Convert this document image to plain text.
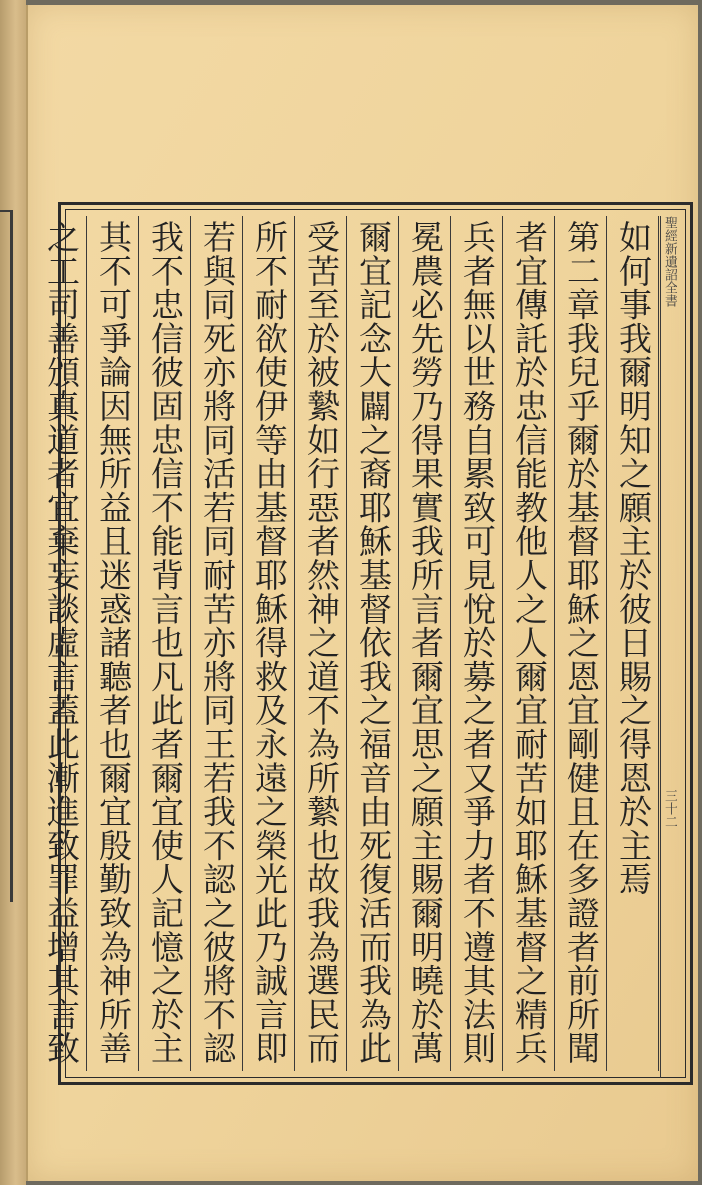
聖經新遺詔全書
三十二
如何事我爾明知之願主於彼日賜之得恩於主焉
第二章我兒乎爾於基督耶穌之恩宜剛健且在多證者前所聞
者宜傳託於忠信能教他人之人爾宜耐苦如耶穌基督之精兵
兵者無以世務自累致可見悅於募之者又爭力者不遵其法則
冕農必先勞乃得果實我所言者爾宜思之願主賜爾明曉於萬
爾宜記念大闢之裔耶穌基督依我之福音由死復活而我為此
受苦至於被縶如行惡者然神之道不為所縶也故我為選民而
所不耐欲使伊等由基督耶穌得救及永遠之榮光此乃誠言即
若與同死亦將同活若同耐苦亦將同王若我不認之彼將不認
我不忠信彼固忠信不能背言也凡此者爾宜使人記憶之於主
其不可爭論因無所益且迷惑諸聽者也爾宜殷勤致為神所善
之工司善頒真道者宜棄妄談虛言蓋此漸進致罪益增其言致
